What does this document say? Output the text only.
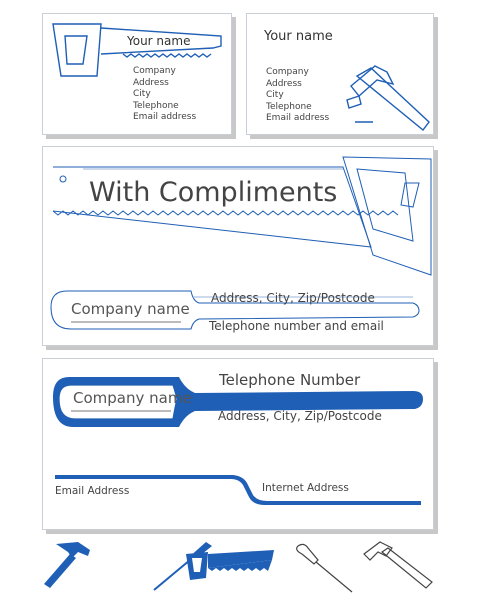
Your name
Company
Address
City
Telephone
Email address
Your name
Company
Address
City
Telephone
Email address
With Compliments
Company name
Address, City, Zip/Postcode
Telephone number and email
Telephone Number
Company name
Address, City, Zip/Postcode
Email Address	Internet Address
